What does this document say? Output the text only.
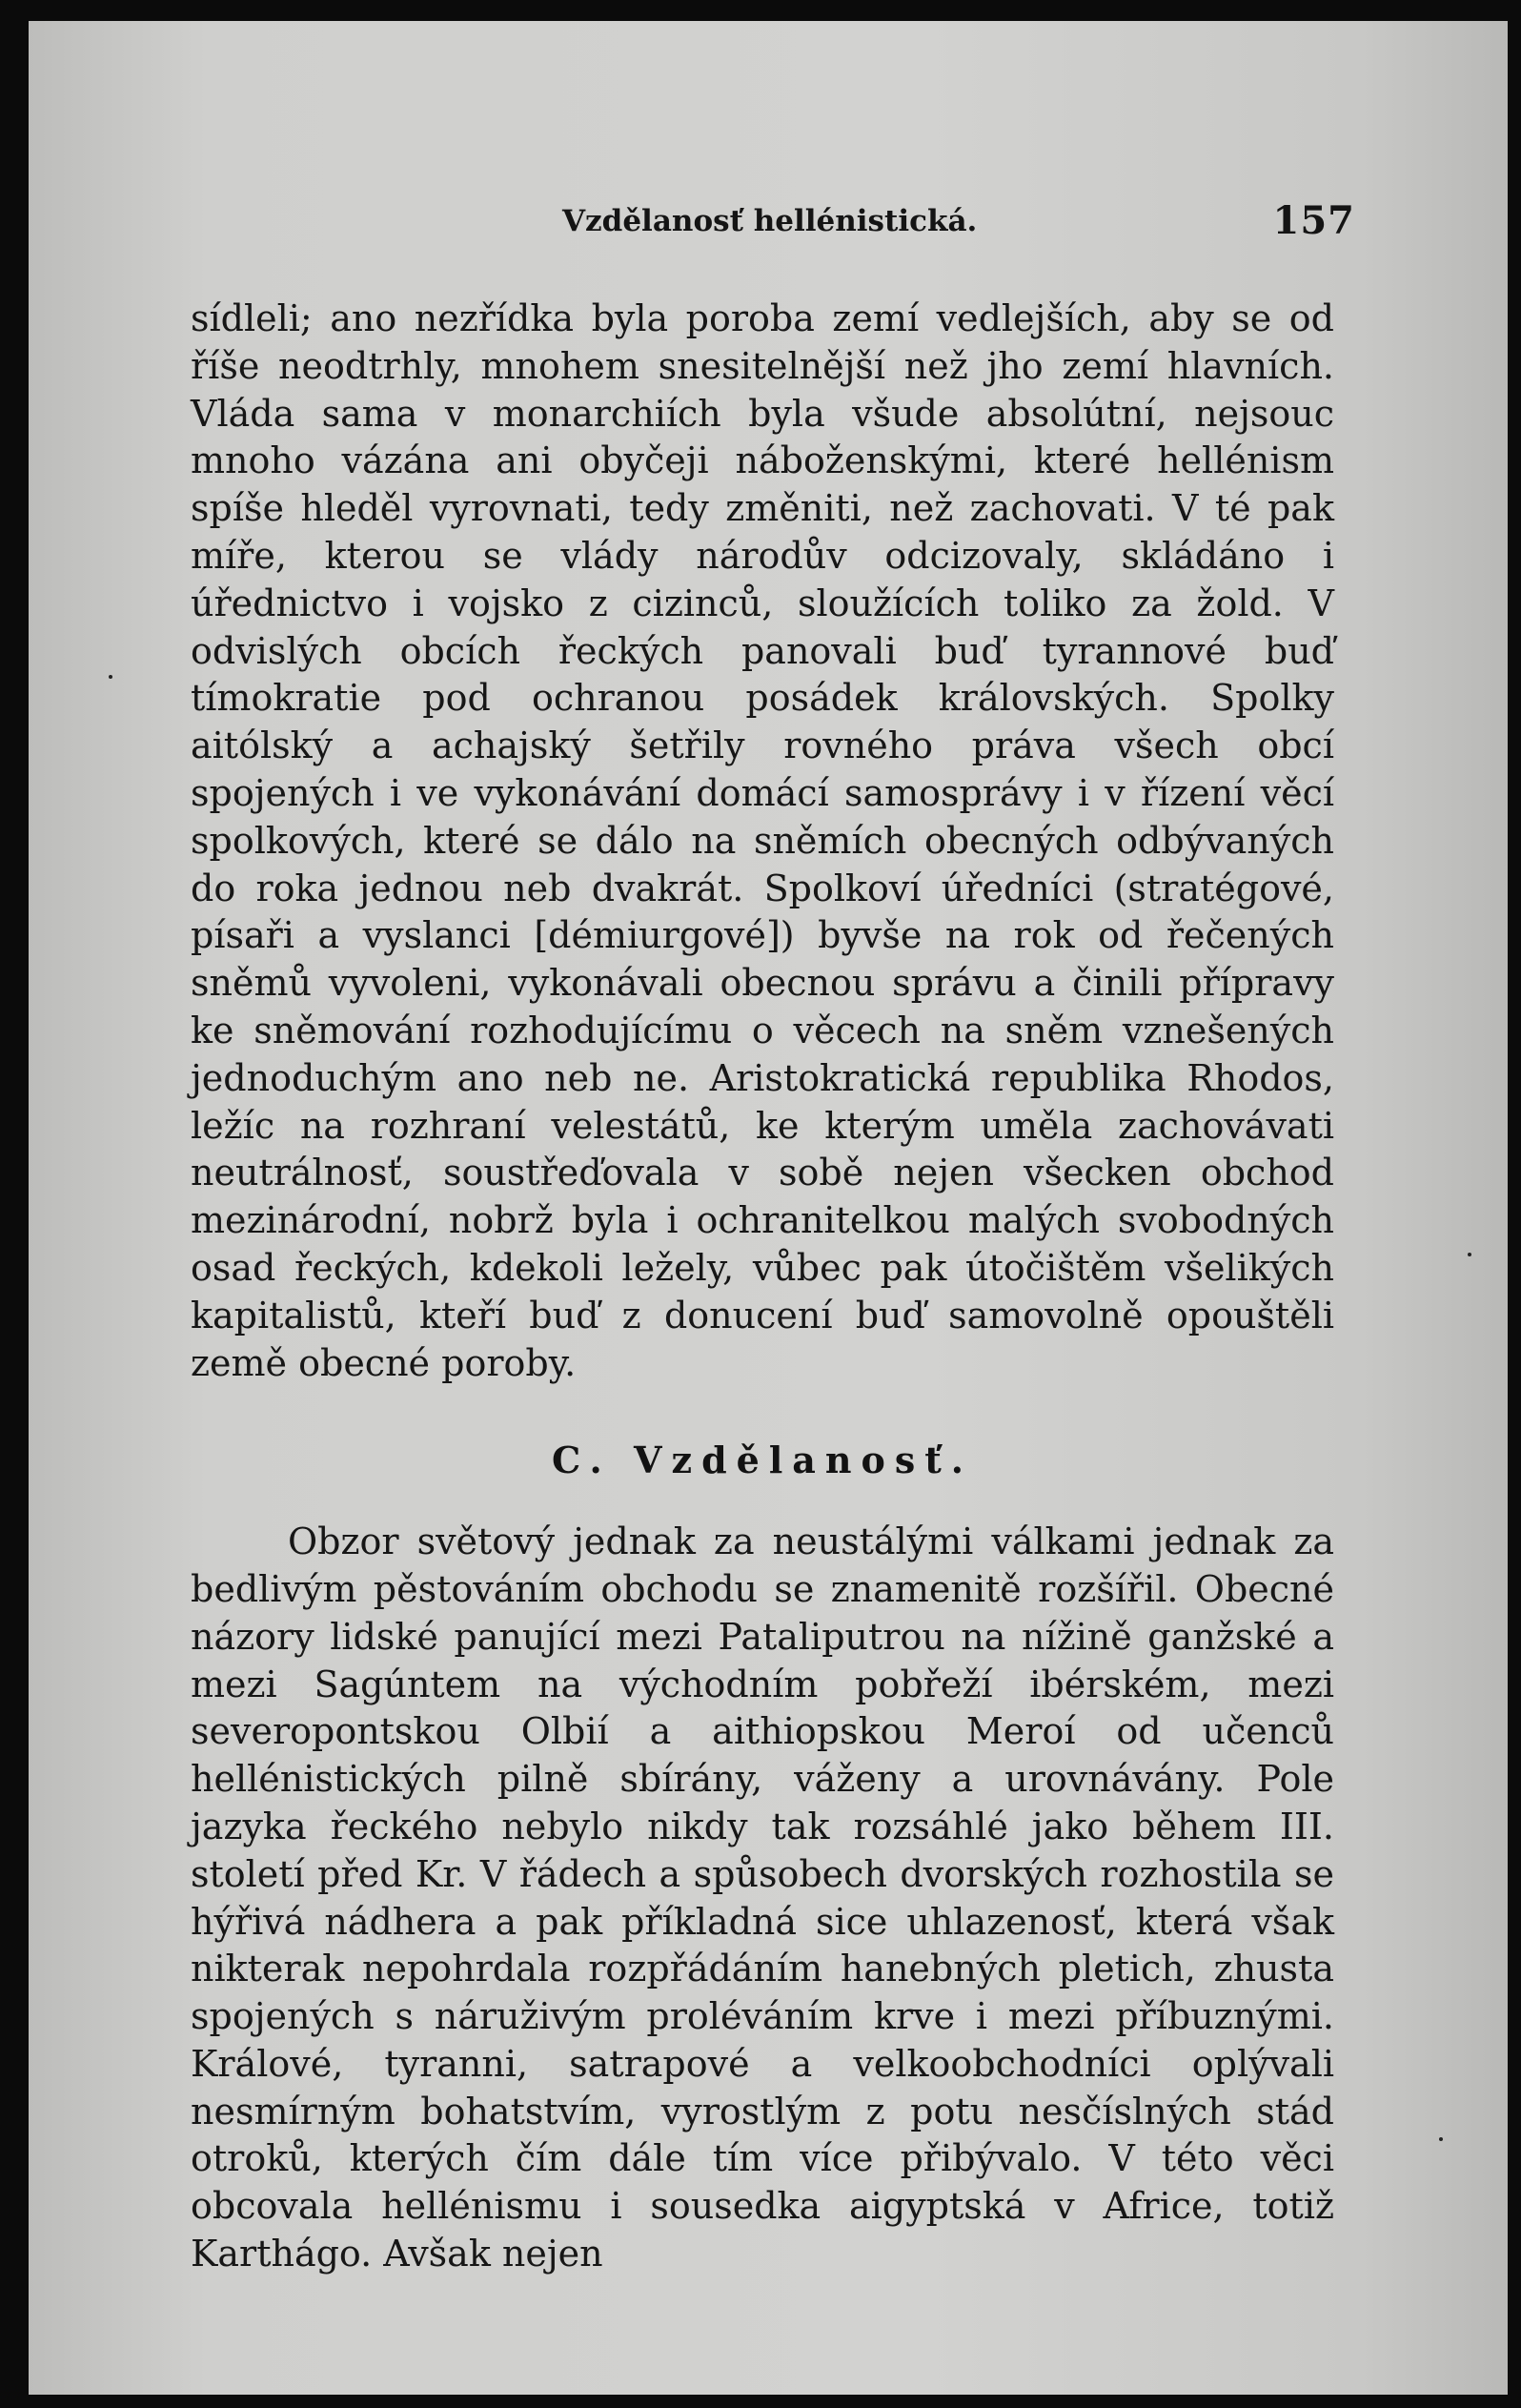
Vzdělanosť hellénistická.	157

sídleli; ano nezřídka byla poroba zemí vedlejších, aby se od říše neodtrhly, mnohem snesitelnější než jho zemí hlavních. Vláda sama v monarchiích byla všude absolútní, nejsouc mnoho vázána ani obyčeji náboženskými, které hellénism spíše hleděl vyrovnati, tedy změniti, než zachovati. V té pak míře, kterou se vlády národův odcizovaly, skládáno i úřednictvo i vojsko z cizinců, sloužících toliko za žold. V odvislých obcích řeckých panovali buď tyrannové buď tímokratie pod ochranou posádek královských. Spolky aitólský a achajský šetřily rovného práva všech obcí spojených i ve vykonávání domácí samosprávy i v řízení věcí spolkových, které se dálo na sněmích obecných odbývaných do roka jednou neb dvakrát. Spolkoví úředníci (stratégové, písaři a vyslanci [démiurgové]) byvše na rok od řečených sněmů vyvoleni, vykonávali obecnou správu a činili přípravy ke sněmování rozhodujícímu o věcech na sněm vznešených jednoduchým ano neb ne. Aristokratická republika Rhodos, ležíc na rozhraní velestátů, ke kterým uměla zachovávati neutrálnosť, soustřeďovala v sobě nejen všecken obchod mezinárodní, nobrž byla i ochranitelkou malých svobodných osad řeckých, kdekoli ležely, vůbec pak útočištěm všelikých kapitalistů, kteří buď z donucení buď samovolně opouštěli země obecné poroby.

C. Vzdělanosť.

Obzor světový jednak za neustálými válkami jednak za bedlivým pěstováním obchodu se znamenitě rozšířil. Obecné názory lidské panující mezi Pataliputrou na nížině ganžské a mezi Sagúntem na východním pobřeží ibérském, mezi severopontskou Olbií a aithiopskou Meroí od učenců hellénistických pilně sbírány, váženy a urovnávány. Pole jazyka řeckého nebylo nikdy tak rozsáhlé jako během III. století před Kr. V řádech a spůsobech dvorských rozhostila se hýřivá nádhera a pak příkladná sice uhlazenosť, která však nikterak nepohrdala rozpřádáním hanebných pletich, zhusta spojených s náruživým proléváním krve i mezi příbuznými. Králové, tyranni, satrapové a velkoobchodníci oplývali nesmírným bohatstvím, vyrostlým z potu nesčíslných stád otroků, kterých čím dále tím více přibývalo. V této věci obcovala hellénismu i sousedka aigyptská v Africe, totiž Karthágo. Avšak nejen
